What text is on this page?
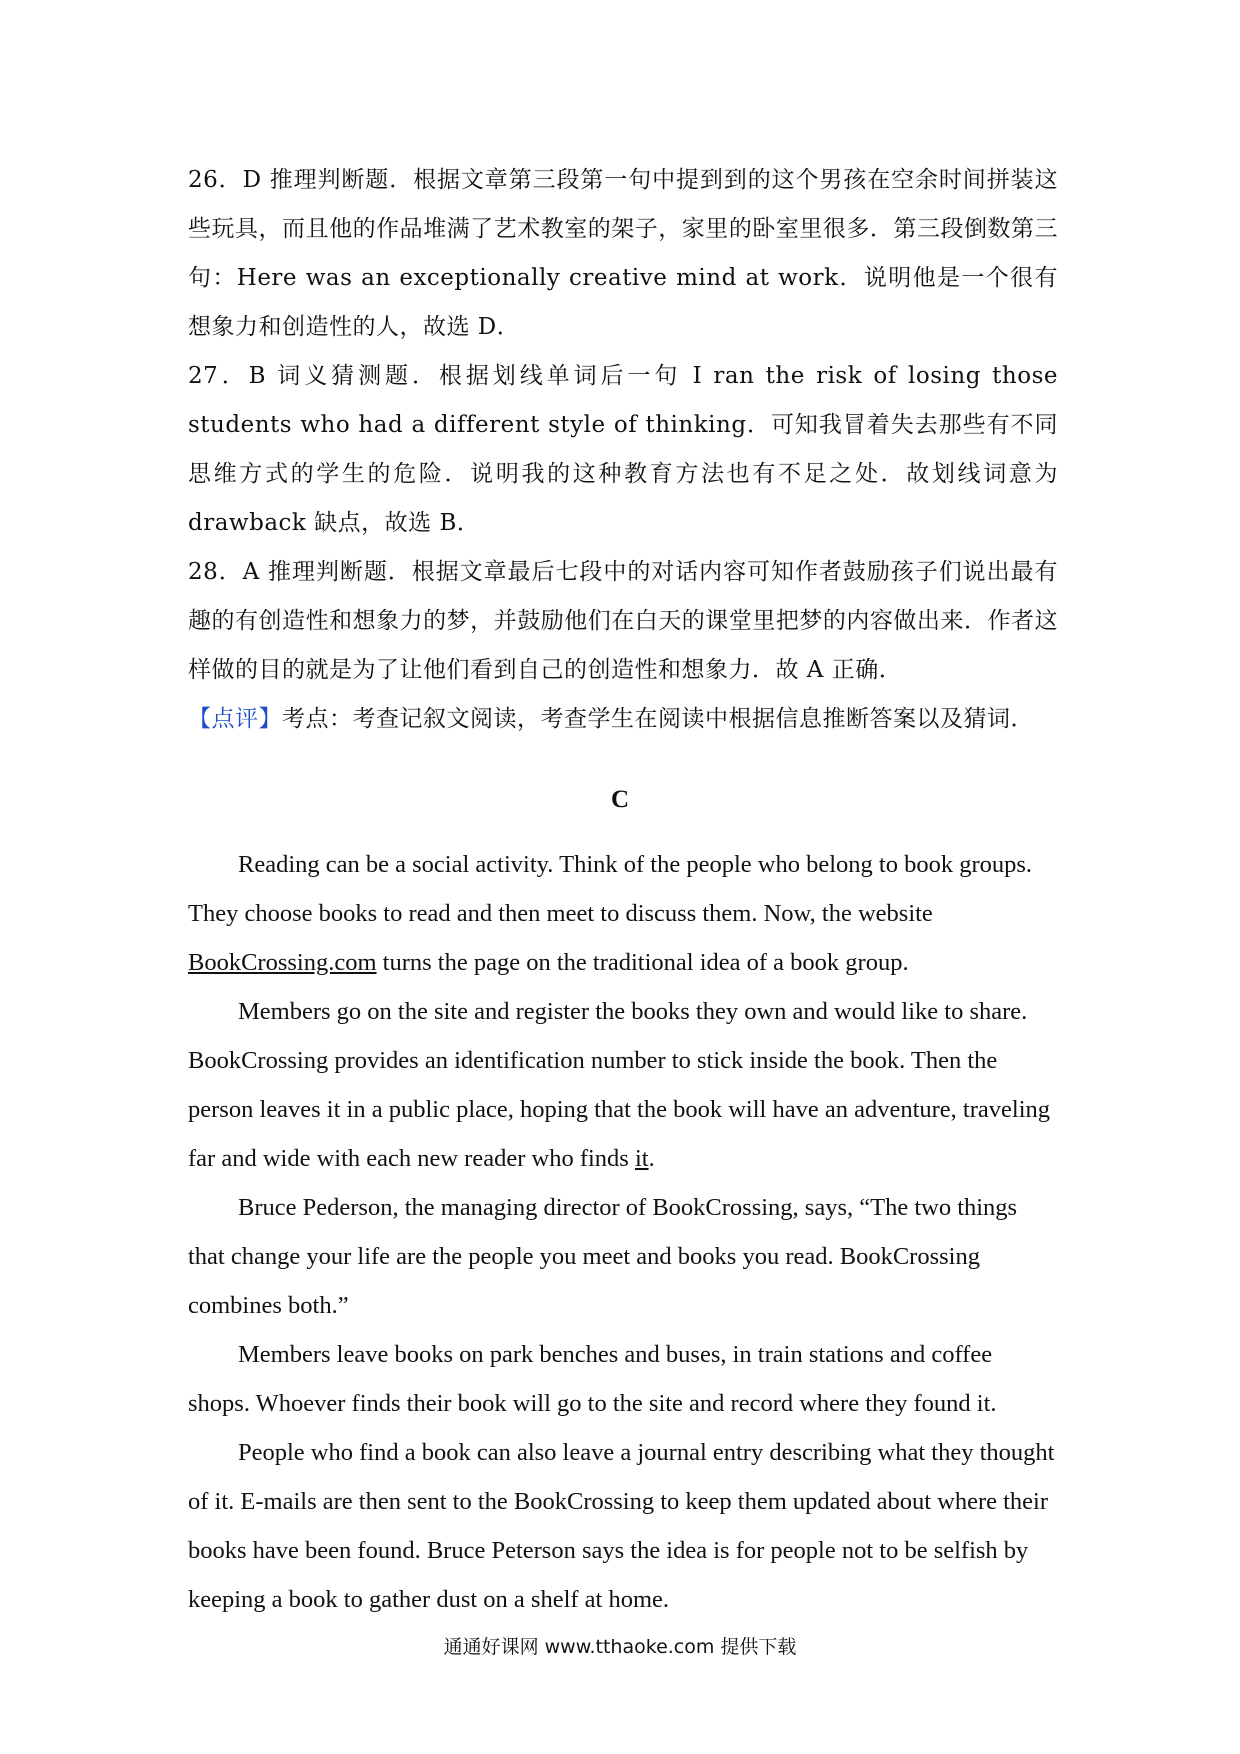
26．D 推理判断题．根据文章第三段第一句中提到到的这个男孩在空余时间拼装这些玩具，而且他的作品堆满了艺术教室的架子，家里的卧室里很多．第三段倒数第三句：Here was an exceptionally creative mind at work．说明他是一个很有想象力和创造性的人，故选 D．

27．B 词义猜测题．根据划线单词后一句 I ran the risk of losing those students who had a different style of thinking．可知我冒着失去那些有不同思维方式的学生的危险．说明我的这种教育方法也有不足之处．故划线词意为 drawback 缺点，故选 B．

28．A 推理判断题．根据文章最后七段中的对话内容可知作者鼓励孩子们说出最有趣的有创造性和想象力的梦，并鼓励他们在白天的课堂里把梦的内容做出来．作者这样做的目的就是为了让他们看到自己的创造性和想象力．故 A 正确．

【点评】考点：考查记叙文阅读，考查学生在阅读中根据信息推断答案以及猜词．

C

Reading can be a social activity. Think of the people who belong to book groups. They choose books to read and then meet to discuss them. Now, the website BookCrossing.com turns the page on the traditional idea of a book group.

Members go on the site and register the books they own and would like to share. BookCrossing provides an identification number to stick inside the book. Then the person leaves it in a public place, hoping that the book will have an adventure, traveling far and wide with each new reader who finds it.

Bruce Pederson, the managing director of BookCrossing, says, “The two things that change your life are the people you meet and books you read. BookCrossing combines both.”

Members leave books on park benches and buses, in train stations and coffee shops. Whoever finds their book will go to the site and record where they found it.

People who find a book can also leave a journal entry describing what they thought of it. E-mails are then sent to the BookCrossing to keep them updated about where their books have been found. Bruce Peterson says the idea is for people not to be selfish by keeping a book to gather dust on a shelf at home.

通通好课网 www.tthaoke.com 提供下载
